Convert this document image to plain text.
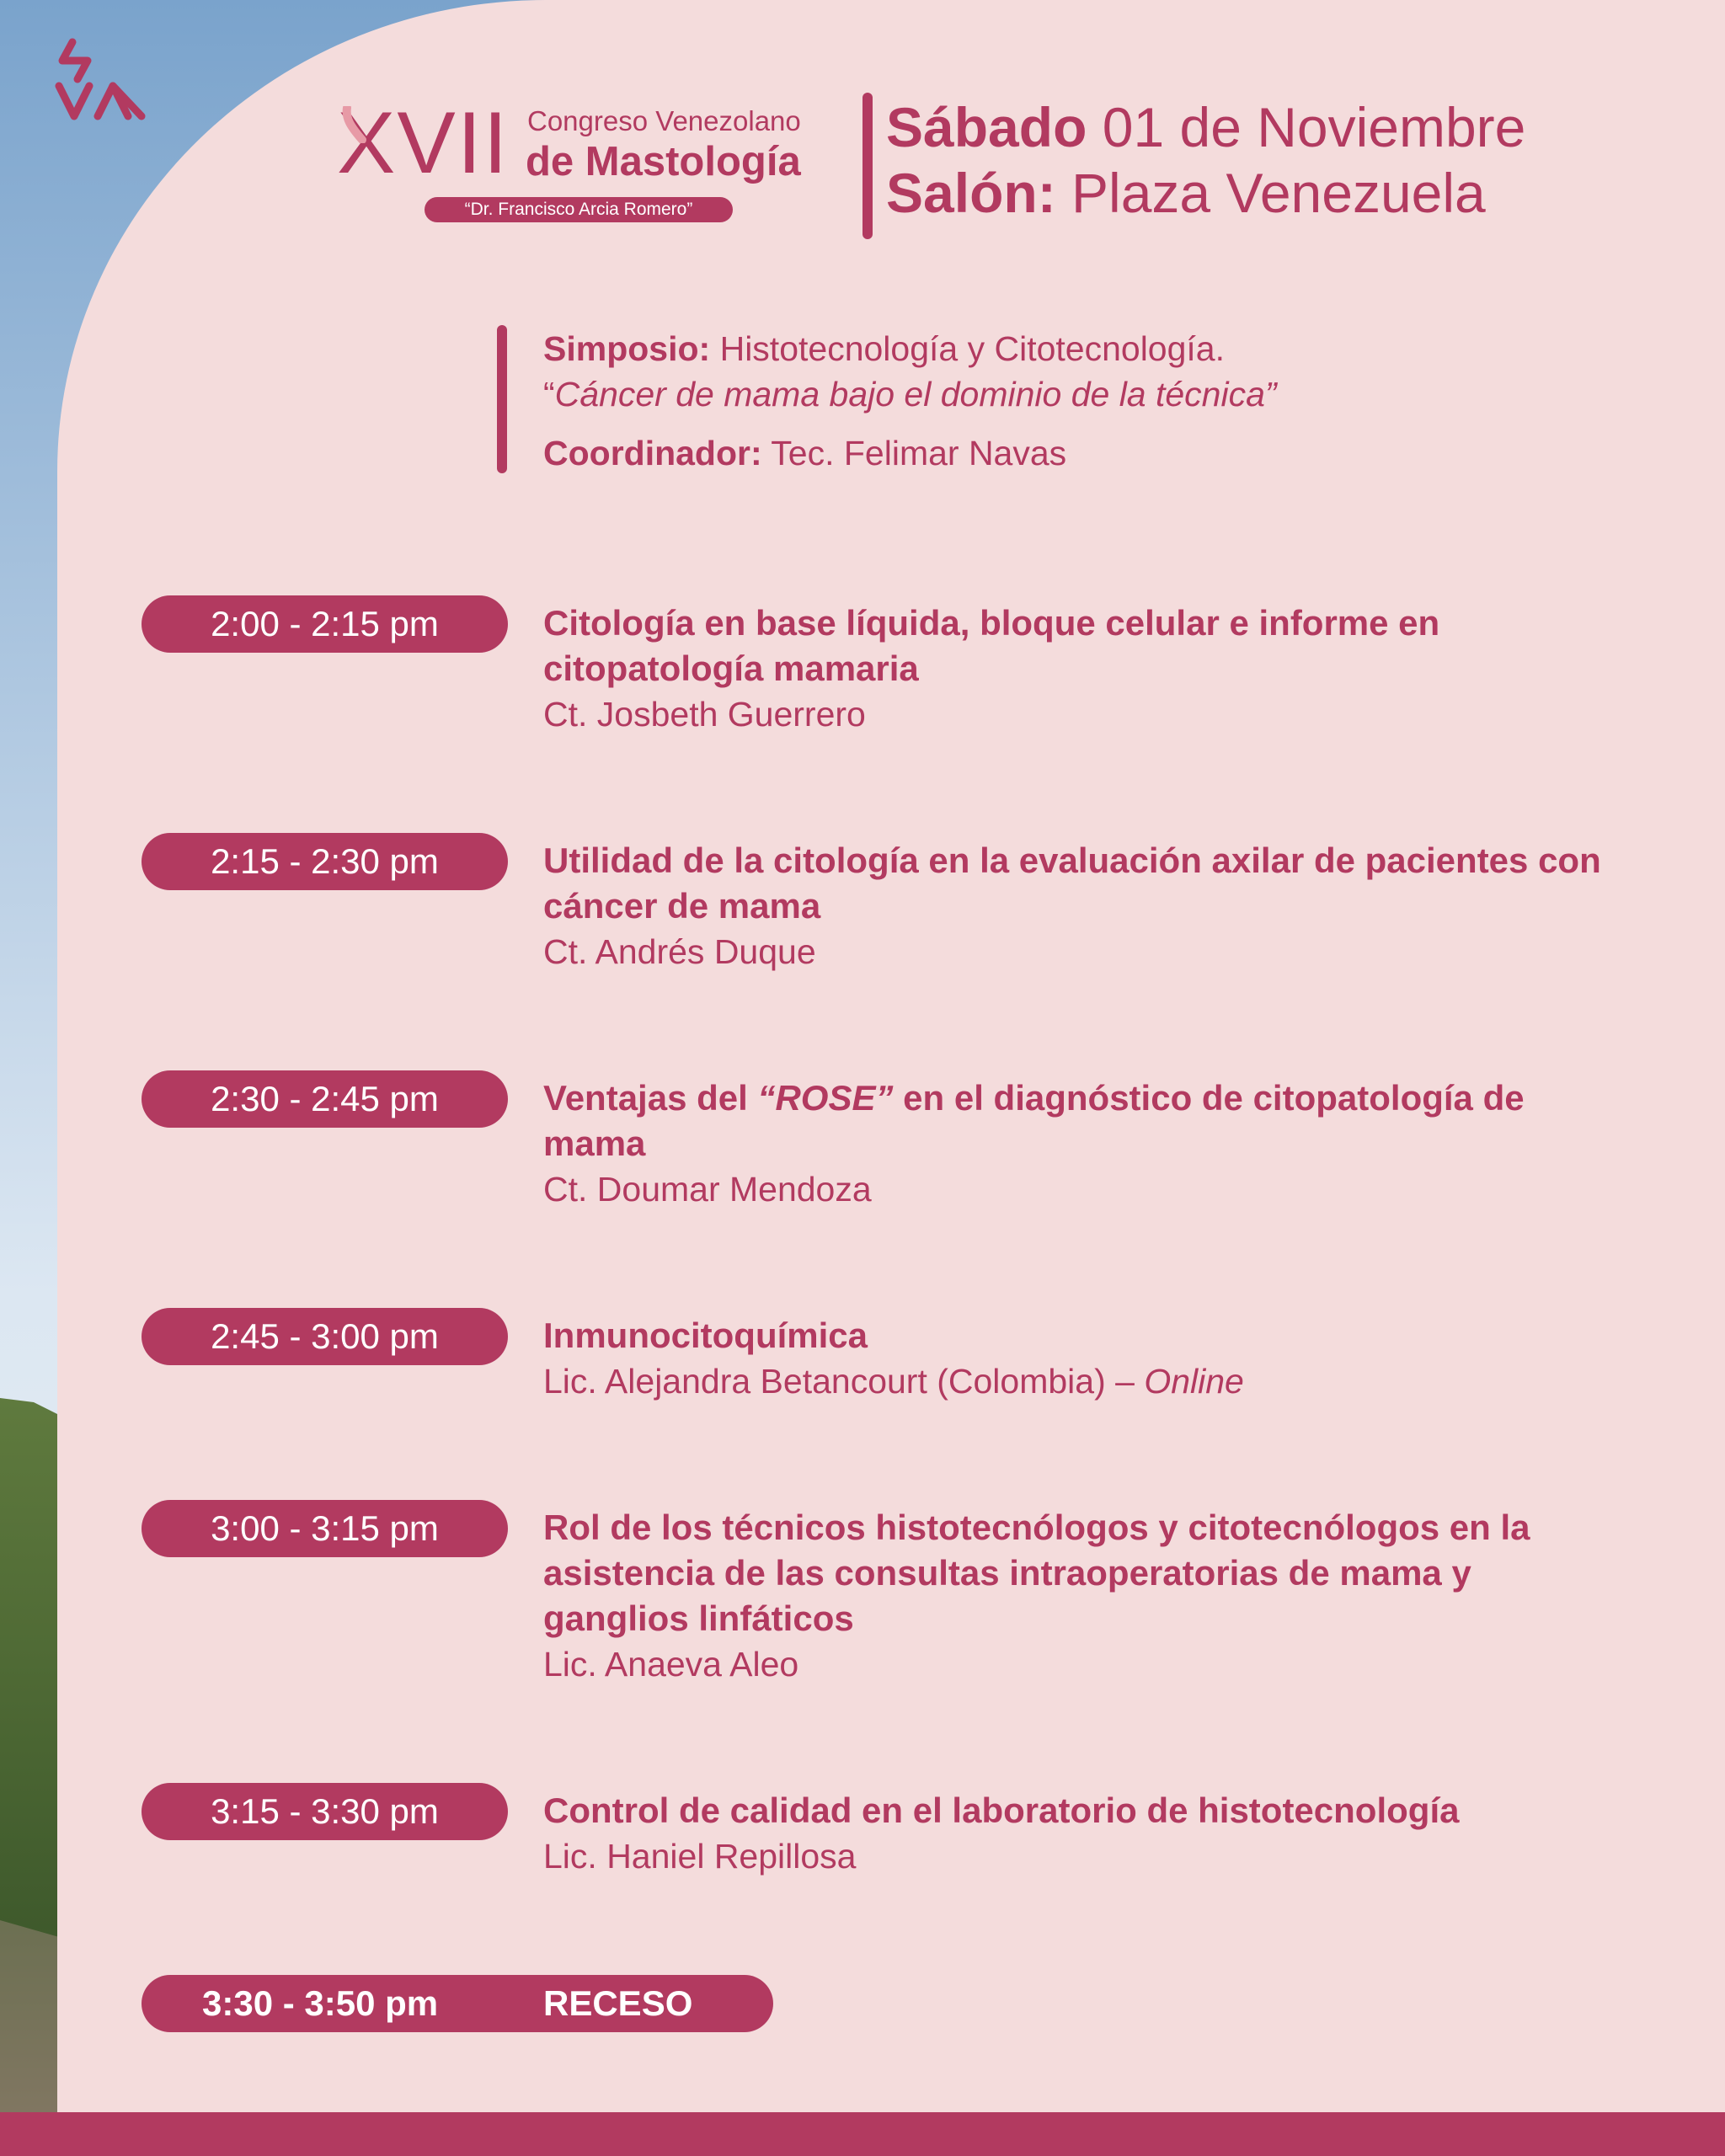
XVII Congreso Venezolano
de Mastología
“Dr. Francisco Arcia Romero”
Sábado 01 de Noviembre
Salón: Plaza Venezuela
Simposio: Histotecnología y Citotecnología.
“Cáncer de mama bajo el dominio de la técnica”
Coordinador: Tec. Felimar Navas
2:00 - 2:15 pm	Citología en base líquida, bloque celular e informe en citopatología mamaria
Ct. Josbeth Guerrero
2:15 - 2:30 pm	Utilidad de la citología en la evaluación axilar de pacientes con cáncer de mama
Ct. Andrés Duque
2:30 - 2:45 pm	Ventajas del “ROSE” en el diagnóstico de citopatología de mama
Ct. Doumar Mendoza
2:45 - 3:00 pm	Inmunocitoquímica
Lic. Alejandra Betancourt (Colombia) – Online
3:00 - 3:15 pm	Rol de los técnicos histotecnólogos y citotecnólogos en la asistencia de las consultas intraoperatorias de mama y ganglios linfáticos
Lic. Anaeva Aleo
3:15 - 3:30 pm	Control de calidad en el laboratorio de histotecnología
Lic. Haniel Repillosa
3:30 - 3:50 pm	RECESO
